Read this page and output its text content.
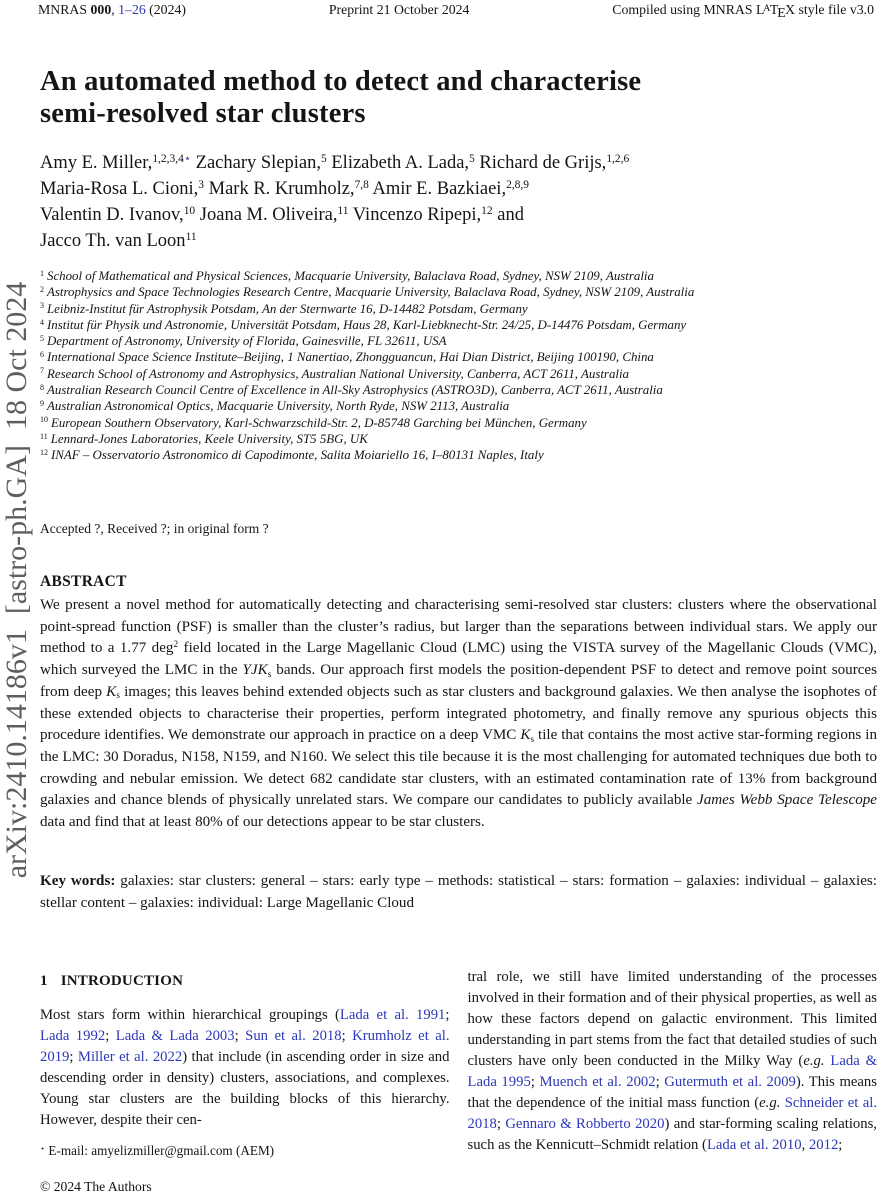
MNRAS 000, 1–26 (2024)	Preprint 21 October 2024	Compiled using MNRAS $L^ATEX$ style file v3.0
arXiv:2410.14186v1  [astro-ph.GA]  18 Oct 2024
An automated method to detect and characterise
semi-resolved star clusters
Amy E. Miller,$^{1,2,3,4⋆}$ Zachary Slepian,$^5$ Elizabeth A. Lada,$^5$ Richard de Grijs,$^{1,2,6}$
Maria-Rosa L. Cioni,$^3$ Mark R. Krumholz,$^{7,8}$ Amir E. Bazkiaei,$^{2,8,9}$
Valentin D. Ivanov,$^{10}$ Joana M. Oliveira,$^{11}$ Vincenzo Ripepi,$^{12}$ and
Jacco Th. van Loon$^{11}$
$^1$ School of Mathematical and Physical Sciences, Macquarie University, Balaclava Road, Sydney, NSW 2109, Australia
$^2$ Astrophysics and Space Technologies Research Centre, Macquarie University, Balaclava Road, Sydney, NSW 2109, Australia
$^3$ Leibniz-Institut für Astrophysik Potsdam, An der Sternwarte 16, D-14482 Potsdam, Germany
$^4$ Institut für Physik und Astronomie, Universität Potsdam, Haus 28, Karl-Liebknecht-Str. 24/25, D-14476 Potsdam, Germany
$^5$ Department of Astronomy, University of Florida, Gainesville, FL 32611, USA
$^6$ International Space Science Institute–Beijing, 1 Nanertiao, Zhongguancun, Hai Dian District, Beijing 100190, China
$^7$ Research School of Astronomy and Astrophysics, Australian National University, Canberra, ACT 2611, Australia
$^8$ Australian Research Council Centre of Excellence in All-Sky Astrophysics (ASTRO3D), Canberra, ACT 2611, Australia
$^9$ Australian Astronomical Optics, Macquarie University, North Ryde, NSW 2113, Australia
$^{10}$ European Southern Observatory, Karl-Schwarzschild-Str. 2, D-85748 Garching bei München, Germany
$^{11}$ Lennard-Jones Laboratories, Keele University, ST5 5BG, UK
$^{12}$ INAF – Osservatorio Astronomico di Capodimonte, Salita Moiariello 16, I–80131 Naples, Italy
Accepted ?, Received ?; in original form ?
ABSTRACT
We present a novel method for automatically detecting and characterising semi-resolved star clusters: clusters where the observational point-spread function (PSF) is smaller than the cluster’s radius, but larger than the separations between individual stars. We apply our method to a 1.77 deg$^2$ field located in the Large Magellanic Cloud (LMC) using the VISTA survey of the Magellanic Clouds (VMC), which surveyed the LMC in the $YJK_s$ bands. Our approach first models the position-dependent PSF to detect and remove point sources from deep $K_s$ images; this leaves behind extended objects such as star clusters and background galaxies. We then analyse the isophotes of these extended objects to characterise their properties, perform integrated photometry, and finally remove any spurious objects this procedure identifies. We demonstrate our approach in practice on a deep VMC $K_s$ tile that contains the most active star-forming regions in the LMC: 30 Doradus, N158, N159, and N160. We select this tile because it is the most challenging for automated techniques due both to crowding and nebular emission. We detect 682 candidate star clusters, with an estimated contamination rate of 13% from background galaxies and chance blends of physically unrelated stars. We compare our candidates to publicly available James Webb Space Telescope data and find that at least 80% of our detections appear to be star clusters.
Key words: galaxies: star clusters: general – stars: early type – methods: statistical – stars: formation – galaxies: individual – galaxies: stellar content – galaxies: individual: Large Magellanic Cloud
1 INTRODUCTION
Most stars form within hierarchical groupings (Lada et al. 1991; Lada 1992; Lada & Lada 2003; Sun et al. 2018; Krumholz et al. 2019; Miller et al. 2022) that include (in ascending order in size and descending order in density) clusters, associations, and complexes. Young star clusters are the building blocks of this hierarchy. However, despite their cen-
tral role, we still have limited understanding of the processes involved in their formation and of their physical properties, as well as how these factors depend on galactic environment. This limited understanding in part stems from the fact that detailed studies of such clusters have only been conducted in the Milky Way (e.g. Lada & Lada 1995; Muench et al. 2002; Gutermuth et al. 2009). This means that the dependence of the initial mass function (e.g. Schneider et al. 2018; Gennaro & Robberto 2020) and star-forming scaling relations, such as the Kennicutt–Schmidt relation (Lada et al. 2010, 2012;
⋆ E-mail: amyelizmiller@gmail.com (AEM)
© 2024 The Authors
